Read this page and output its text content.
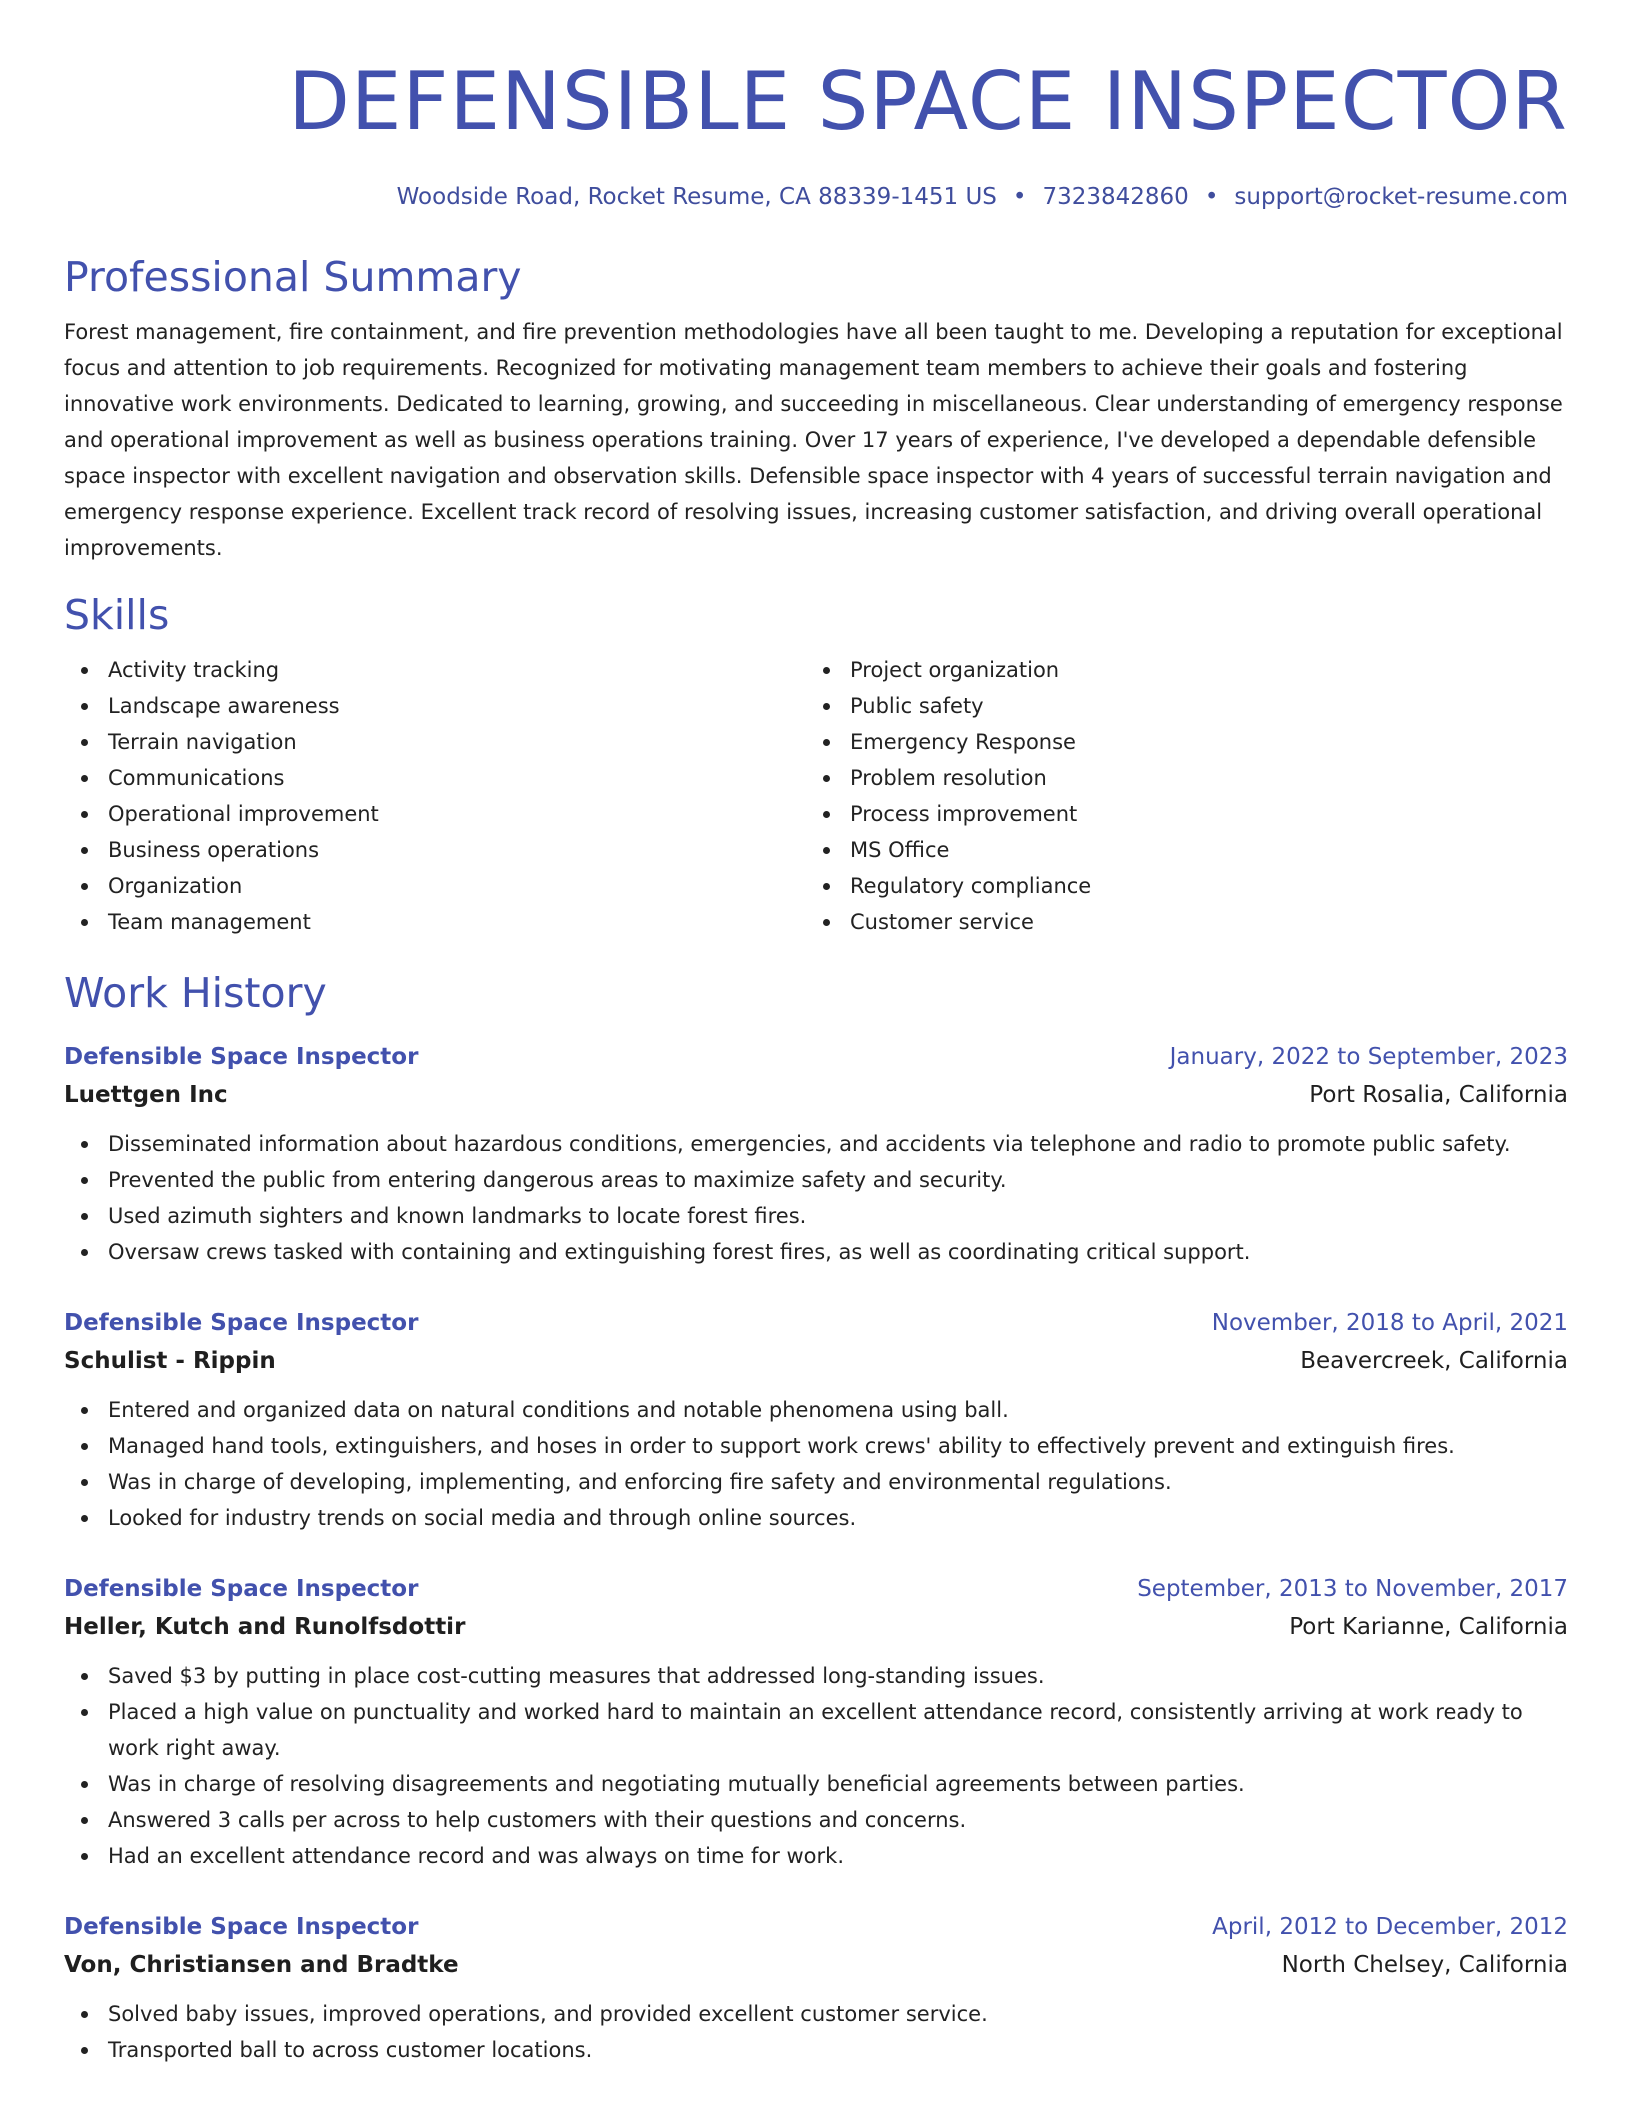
DEFENSIBLE SPACE INSPECTOR
Woodside Road, Rocket Resume, CA 88339-1451 US • 7323842860 • support@rocket-resume.com
Professional Summary

Forest management, fire containment, and fire prevention methodologies have all been taught to me. Developing a reputation for exceptional focus and attention to job requirements. Recognized for motivating management team members to achieve their goals and fostering innovative work environments. Dedicated to learning, growing, and succeeding in miscellaneous. Clear understanding of emergency response and operational improvement as well as business operations training. Over 17 years of experience, I've developed a dependable defensible space inspector with excellent navigation and observation skills. Defensible space inspector with 4 years of successful terrain navigation and emergency response experience. Excellent track record of resolving issues, increasing customer satisfaction, and driving overall operational improvements.

Skills
Activity tracking
Landscape awareness
Terrain navigation
Communications
Operational improvement
Business operations
Organization
Team management
Project organization
Public safety
Emergency Response
Problem resolution
Process improvement
MS Office
Regulatory compliance
Customer service
Work History
Defensible Space Inspector	January, 2022 to September, 2023
Luettgen Inc	Port Rosalia, California
Disseminated information about hazardous conditions, emergencies, and accidents via telephone and radio to promote public safety.
Prevented the public from entering dangerous areas to maximize safety and security.
Used azimuth sighters and known landmarks to locate forest fires.
Oversaw crews tasked with containing and extinguishing forest fires, as well as coordinating critical support.
Defensible Space Inspector	November, 2018 to April, 2021
Schulist - Rippin	Beavercreek, California
Entered and organized data on natural conditions and notable phenomena using ball.
Managed hand tools, extinguishers, and hoses in order to support work crews' ability to effectively prevent and extinguish fires.
Was in charge of developing, implementing, and enforcing fire safety and environmental regulations.
Looked for industry trends on social media and through online sources.
Defensible Space Inspector	September, 2013 to November, 2017
Heller, Kutch and Runolfsdottir	Port Karianne, California
Saved $3 by putting in place cost-cutting measures that addressed long-standing issues.
Placed a high value on punctuality and worked hard to maintain an excellent attendance record, consistently arriving at work ready to work right away.
Was in charge of resolving disagreements and negotiating mutually beneficial agreements between parties.
Answered 3 calls per across to help customers with their questions and concerns.
Had an excellent attendance record and was always on time for work.
Defensible Space Inspector	April, 2012 to December, 2012
Von, Christiansen and Bradtke	North Chelsey, California
Solved baby issues, improved operations, and provided excellent customer service.
Transported ball to across customer locations.
